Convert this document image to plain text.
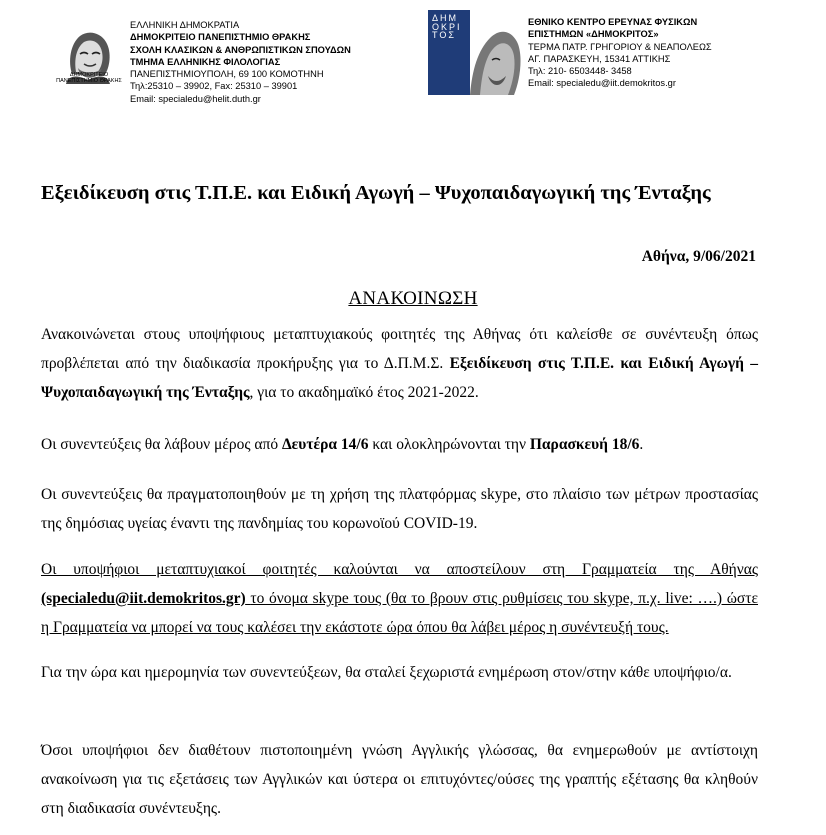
ΔΗΜΟΚΡΙΤΕΙΟ ΠΑΝΕΠΙΣΤΗΜΙΟ ΘΡΑΚΗΣ
ΕΛΛΗΝΙΚΗ ΔΗΜΟΚΡΑΤΙΑ
ΔΗΜΟΚΡΙΤΕΙΟ ΠΑΝΕΠΙΣΤΗΜΙΟ ΘΡΑΚΗΣ
ΣΧΟΛΗ ΚΛΑΣΙΚΩΝ & ΑΝΘΡΩΠΙΣΤΙΚΩΝ ΣΠΟΥΔΩΝ
ΤΜΗΜΑ ΕΛΛΗΝΙΚΗΣ ΦΙΛΟΛΟΓΙΑΣ
ΠΑΝΕΠΙΣΤΗΜΙΟΥΠΟΛΗ, 69 100 ΚΟΜΟΤΗΝΗ
Τηλ:25310 – 39902, Fax: 25310 – 39901
Email: specialedu@helit.duth.gr
ΔΗΜΟΚΡΙΤΟΣ
ΕΘΝΙΚΟ ΚΕΝΤΡΟ ΕΡΕΥΝΑΣ ΦΥΣΙΚΩΝ
ΕΠΙΣΤΗΜΩΝ «ΔΗΜΟΚΡΙΤΟΣ»
ΤΕΡΜΑ ΠΑΤΡ. ΓΡΗΓΟΡΙΟΥ & ΝΕΑΠΟΛΕΩΣ
ΑΓ. ΠΑΡΑΣΚΕΥΗ, 15341 ΑΤΤΙΚΗΣ
Τηλ: 210- 6503448- 3458
Email: specialedu@iit.demokritos.gr
Εξειδίκευση στις Τ.Π.Ε. και Ειδική Αγωγή – Ψυχοπαιδαγωγική της Ένταξης
Αθήνα, 9/06/2021
ΑΝΑΚΟΙΝΩΣΗ
Ανακοινώνεται στους υποψήφιους μεταπτυχιακούς φοιτητές της Αθήνας ότι καλείσθε σε συνέντευξη όπως προβλέπεται από την διαδικασία προκήρυξης για το Δ.Π.Μ.Σ. Εξειδίκευση στις Τ.Π.Ε. και Ειδική Αγωγή – Ψυχοπαιδαγωγική της Ένταξης, για το ακαδημαϊκό έτος 2021-2022.
Οι συνεντεύξεις θα λάβουν μέρος από Δευτέρα 14/6 και ολοκληρώνονται την Παρασκευή 18/6.
Οι συνεντεύξεις θα πραγματοποιηθούν με τη χρήση της πλατφόρμας skype, στο πλαίσιο των μέτρων προστασίας της δημόσιας υγείας έναντι της πανδημίας του κορωνοϊού COVID-19.
Οι υποψήφιοι μεταπτυχιακοί φοιτητές καλούνται να αποστείλουν στη Γραμματεία της Αθήνας (specialedu@iit.demokritos.gr) το όνομα skype τους (θα το βρουν στις ρυθμίσεις του skype, π.χ. live: ….) ώστε η Γραμματεία να μπορεί να τους καλέσει την εκάστοτε ώρα όπου θα λάβει μέρος η συνέντευξή τους.
Για την ώρα και ημερομηνία των συνεντεύξεων, θα σταλεί ξεχωριστά ενημέρωση στον/στην κάθε υποψήφιο/α.
Όσοι υποψήφιοι δεν διαθέτουν πιστοποιημένη γνώση Αγγλικής γλώσσας, θα ενημερωθούν με αντίστοιχη ανακοίνωση για τις εξετάσεις των Αγγλικών και ύστερα οι επιτυχόντες/ούσες της γραπτής εξέτασης θα κληθούν στη διαδικασία συνέντευξης.
